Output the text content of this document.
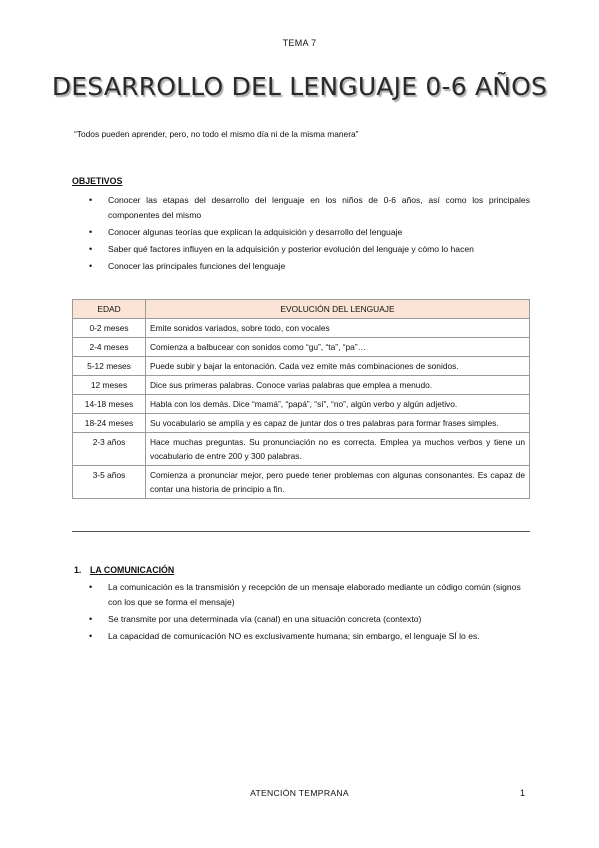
TEMA 7
DESARROLLO DEL LENGUAJE 0-6 AÑOS
“Todos pueden aprender, pero, no todo el mismo día ni de la misma manera”
OBJETIVOS
• Conocer las etapas del desarrollo del lenguaje en los niños de 0-6 años, así como los principales componentes del mismo
• Conocer algunas teorías que explican la adquisición y desarrollo del lenguaje
• Saber qué factores influyen en la adquisición y posterior evolución del lenguaje y cómo lo hacen
• Conocer las principales funciones del lenguaje
EDAD	EVOLUCIÓN DEL LENGUAJE
0-2 meses	Emite sonidos variados, sobre todo, con vocales
2-4 meses	Comienza a balbucear con sonidos como “gu”, “ta”, “pa”…
5-12 meses	Puede subir y bajar la entonación. Cada vez emite más combinaciones de sonidos.
12 meses	Dice sus primeras palabras. Conoce varias palabras que emplea a menudo.
14-18 meses	Habla con los demás. Dice “mamá”, “papá”, “sí”, “no”, algún verbo y algún adjetivo.
18-24 meses	Su vocabulario se amplía y es capaz de juntar dos o tres palabras para formar frases simples.
2-3 años	Hace muchas preguntas. Su pronunciación no es correcta. Emplea ya muchos verbos y tiene un vocabulario de entre 200 y 300 palabras.
3-5 años	Comienza a pronunciar mejor, pero puede tener problemas con algunas consonantes. Es capaz de contar una historia de principio a fin.
1. LA COMUNICACIÓN
• La comunicación es la transmisión y recepción de un mensaje elaborado mediante un código común (signos con los que se forma el mensaje)
• Se transmite por una determinada vía (canal) en una situación concreta (contexto)
• La capacidad de comunicación NO es exclusivamente humana; sin embargo, el lenguaje SÍ lo es.
ATENCIÓN TEMPRANA	1
